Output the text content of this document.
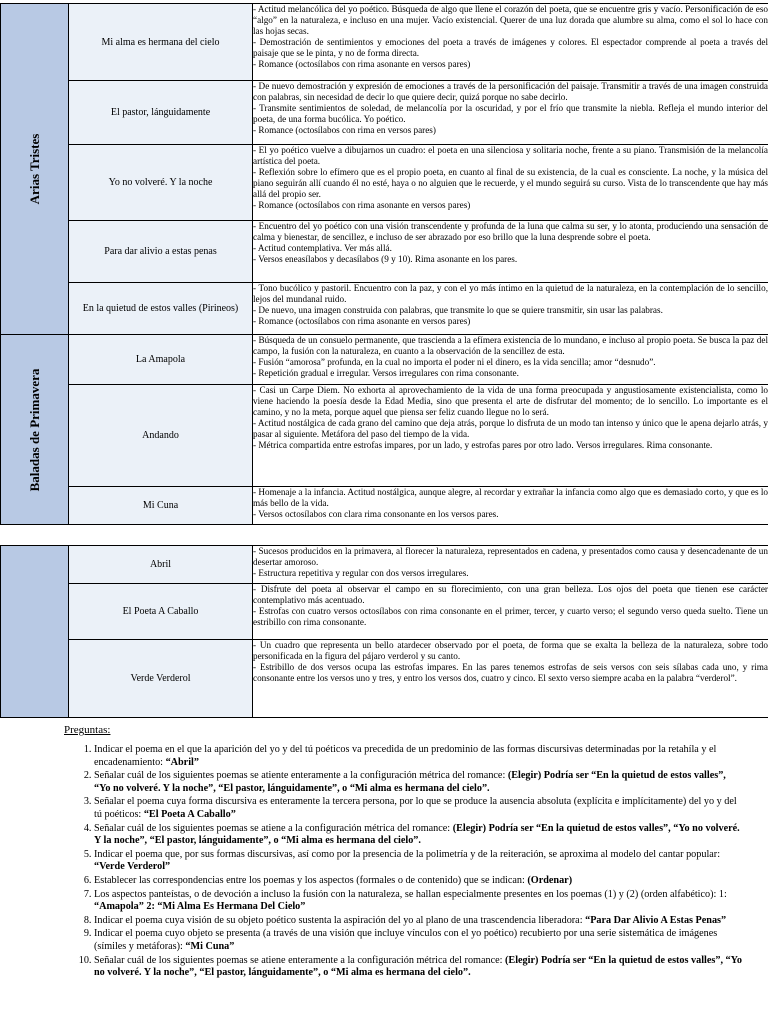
Arias Tristes	Mi alma es hermana del cielo	- Actitud melancólica del yo poético. Búsqueda de algo que llene el corazón del poeta, que se encuentre gris y vacío. Personificación de eso “algo” en la naturaleza, e incluso en una mujer. Vacío existencial. Querer de una luz dorada que alumbre su alma, como el sol lo hace con las hojas secas.
- Demostración de sentimientos y emociones del poeta a través de imágenes y colores. El espectador comprende al poeta a través del paisaje que se le pinta, y no de forma directa.
- Romance (octosílabos con rima asonante en versos pares)

	El pastor, lánguidamente	- De nuevo demostración y expresión de emociones a través de la personificación del paisaje. Transmitir a través de una imagen construida con palabras, sin necesidad de decir lo que quiere decir, quizá porque no sabe decirlo.
- Transmite sentimientos de soledad, de melancolía por la oscuridad, y por el frío que transmite la niebla. Refleja el mundo interior del poeta, de una forma bucólica. Yo poético.
- Romance (octosílabos con rima en versos pares)

	Yo no volveré. Y la noche	- El yo poético vuelve a dibujarnos un cuadro: el poeta en una silenciosa y solitaria noche, frente a su piano. Transmisión de la melancolía artística del poeta.
- Reflexión sobre lo efímero que es el propio poeta, en cuanto al final de su existencia, de la cual es consciente. La noche, y la música del piano seguirán allí cuando él no esté, haya o no alguien que le recuerde, y el mundo seguirá su curso. Vista de lo transcendente que hay más allá del propio ser.
- Romance (octosílabos con rima asonante en versos pares)

	Para dar alivio a estas penas	- Encuentro del yo poético con una visión transcendente y profunda de la luna que calma su ser, y lo atonta, produciendo una sensación de calma y bienestar, de sencillez, e incluso de ser abrazado por eso brillo que la luna desprende sobre el poeta.
- Actitud contemplativa. Ver más allá.
- Versos eneasílabos y decasílabos (9 y 10). Rima asonante en los pares.

	En la quietud de estos valles (Pirineos)	- Tono bucólico y pastoril. Encuentro con la paz, y con el yo más íntimo en la quietud de la naturaleza, en la contemplación de lo sencillo, lejos del mundanal ruido.
- De nuevo, una imagen construida con palabras, que transmite lo que se quiere transmitir, sin usar las palabras.
- Romance (octosílabos con rima asonante en versos pares)

Baladas de Primavera	La Amapola	- Búsqueda de un consuelo permanente, que trascienda a la efímera existencia de lo mundano, e incluso al propio poeta. Se busca la paz del campo, la fusión con la naturaleza, en cuanto a la observación de la sencillez de esta.
- Fusión “amorosa” profunda, en la cual no importa el poder ni el dinero, es la vida sencilla; amor “desnudo”.
- Repetición gradual e irregular. Versos irregulares con rima consonante.

	Andando	- Casi un Carpe Diem. No exhorta al aprovechamiento de la vida de una forma preocupada y angustiosamente existencialista, como lo viene haciendo la poesía desde la Edad Media, sino que presenta el arte de disfrutar del momento; de lo sencillo. Lo importante es el camino, y no la meta, porque aquel que piensa ser feliz cuando llegue no lo será.
- Actitud nostálgica de cada grano del camino que deja atrás, porque lo disfruta de un modo tan intenso y único que le apena dejarlo atrás, y pasar al siguiente. Metáfora del paso del tiempo de la vida.
- Métrica compartida entre estrofas impares, por un lado, y estrofas pares por otro lado. Versos irregulares. Rima consonante.

	Mi Cuna	- Homenaje a la infancia. Actitud nostálgica, aunque alegre, al recordar y extrañar la infancia como algo que es demasiado corto, y que es lo más bello de la vida.
- Versos octosílabos con clara rima consonante en los versos pares.
	Abril	- Sucesos producidos en la primavera, al florecer la naturaleza, representados en cadena, y presentados como causa y desencadenante de un desertar amoroso.
- Estructura repetitiva y regular con dos versos irregulares.

	El Poeta A Caballo	- Disfrute del poeta al observar el campo en su florecimiento, con una gran belleza. Los ojos del poeta que tienen ese carácter contemplativo más acentuado.
- Estrofas con cuatro versos octosílabos con rima consonante en el primer, tercer, y cuarto verso; el segundo verso queda suelto. Tiene un estribillo con rima consonante.

	Verde Verderol	- Un cuadro que representa un bello atardecer observado por el poeta, de forma que se exalta la belleza de la naturaleza, sobre todo personificada en la figura del pájaro verderol y su canto.
- Estribillo de dos versos ocupa las estrofas impares. En las pares tenemos estrofas de seis versos con seis sílabas cada uno, y rima consonante entre los versos uno y tres, y entro los versos dos, cuatro y cinco. El sexto verso siempre acaba en la palabra “verderol”.
Preguntas:
1. Indicar el poema en el que la aparición del yo y del tú poéticos va precedida de un predominio de las formas discursivas determinadas por la retahíla y el encadenamiento: “Abril”
2. Señalar cuál de los siguientes poemas se atiente enteramente a la configuración métrica del romance: (Elegir) Podría ser “En la quietud de estos valles”, “Yo no volveré. Y la noche”, “El pastor, lánguidamente”, o “Mi alma es hermana del cielo”.
3. Señalar el poema cuya forma discursiva es enteramente la tercera persona, por lo que se produce la ausencia absoluta (explícita e implícitamente) del yo y del tú poéticos: “El Poeta A Caballo”
4. Señalar cuál de los siguientes poemas se atiene a la configuración métrica del romance: (Elegir) Podría ser “En la quietud de estos valles”, “Yo no volveré. Y la noche”, “El pastor, lánguidamente”, o “Mi alma es hermana del cielo”.
5. Indicar el poema que, por sus formas discursivas, así como por la presencia de la polimetría y de la reiteración, se aproxima al modelo del cantar popular: “Verde Verderol”
6. Establecer las correspondencias entre los poemas y los aspectos (formales o de contenido) que se indican: (Ordenar)
7. Los aspectos panteístas, o de devoción a incluso la fusión con la naturaleza, se hallan especialmente presentes en los poemas (1) y (2) (orden alfabético): 1: “Amapola” 2: “Mi Alma Es Hermana Del Cielo”
8. Indicar el poema cuya visión de su objeto poético sustenta la aspiración del yo al plano de una trascendencia liberadora: “Para Dar Alivio A Estas Penas”
9. Indicar el poema cuyo objeto se presenta (a través de una visión que incluye vínculos con el yo poético) recubierto por una serie sistemática de imágenes (símiles y metáforas): “Mi Cuna”
10. Señalar cuál de los siguientes poemas se atiene enteramente a la configuración métrica del romance: (Elegir) Podría ser “En la quietud de estos valles”, “Yo no volveré. Y la noche”, “El pastor, lánguidamente”, o “Mi alma es hermana del cielo”.
